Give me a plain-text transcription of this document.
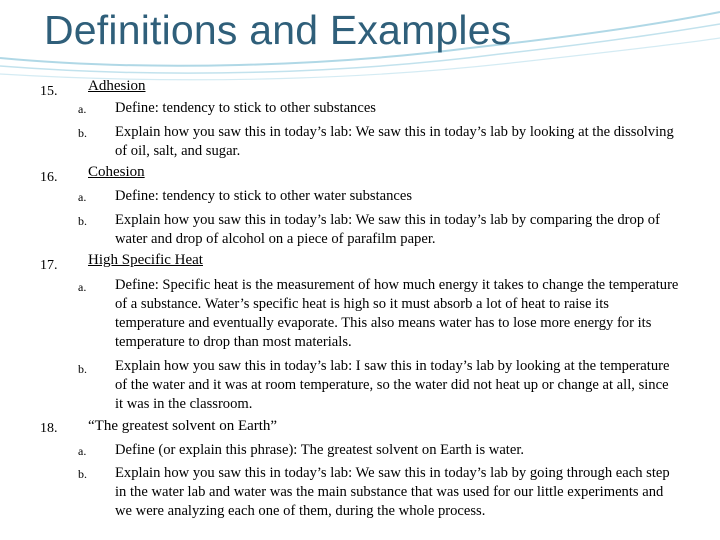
Definitions and Examples
15. Adhesion
a. Define: tendency to stick to other substances
b. Explain how you saw this in today’s lab: We saw this in today’s lab by looking at the dissolving of oil, salt, and sugar.
16. Cohesion
a. Define: tendency to stick to other water substances
b. Explain how you saw this in today’s lab: We saw this in today’s lab by comparing the drop of water and drop of alcohol on a piece of parafilm paper.
17. High Specific Heat
a. Define: Specific heat is the measurement of how much energy it takes to change the temperature of a substance. Water’s specific heat is high so it must absorb a lot of heat to raise its temperature and eventually evaporate. This also means water has to lose more energy for its temperature to drop than most materials.
b. Explain how you saw this in today’s lab: I saw this in today’s lab by looking at the temperature of the water and it was at room temperature, so the water did not heat up or change at all, since it was in the classroom.
18. “The greatest solvent on Earth”
a. Define (or explain this phrase): The greatest solvent on Earth is water.
b. Explain how you saw this in today’s lab: We saw this in today’s lab by going through each step in the water lab and water was the main substance that was used for our little experiments and we were analyzing each one of them, during the whole process.
